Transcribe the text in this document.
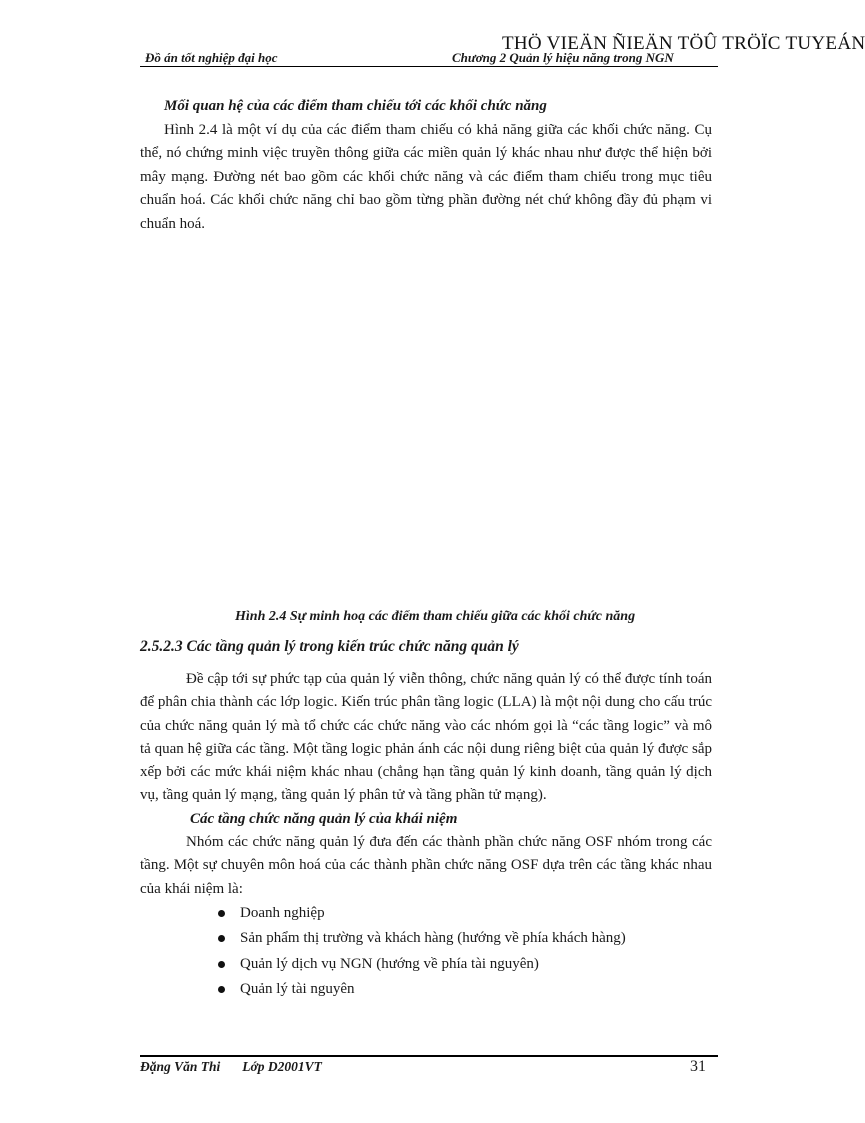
THÖ VIEÄN ÑIEÄN TÖÛ TRÖÏC TUYEÁN
Đồ án tốt nghiệp đại học	Chương 2 Quản lý hiệu năng trong NGN

Mối quan hệ của các điểm tham chiếu tới các khối chức năng

Hình 2.4 là một ví dụ của các điểm tham chiếu có khả năng giữa các khối chức năng. Cụ thể, nó chứng minh việc truyền thông giữa các miền quản lý khác nhau như được thể hiện bởi mây mạng. Đường nét bao gồm các khối chức năng và các điểm tham chiếu trong mục tiêu chuẩn hoá. Các khối chức năng chỉ bao gồm từng phần đường nét chứ không đầy đủ phạm vi chuẩn hoá.

Hình 2.4 Sự minh hoạ các điểm tham chiếu giữa các khối chức năng
2.5.2.3 Các tầng quản lý trong kiến trúc chức năng quản lý

Đề cập tới sự phức tạp của quản lý viễn thông, chức năng quản lý có thể được tính toán để phân chia thành các lớp logic. Kiến trúc phân tầng logic (LLA) là một nội dung cho cấu trúc của chức năng quản lý mà tổ chức các chức năng vào các nhóm gọi là “các tầng logic” và mô tả quan hệ giữa các tầng. Một tầng logic phản ánh các nội dung riêng biệt của quản lý được sắp xếp bởi các mức khái niệm khác nhau (chẳng hạn tầng quản lý kinh doanh, tầng quản lý dịch vụ, tầng quản lý mạng, tầng quản lý phân tử và tầng phần tử mạng).

Các tầng chức năng quản lý của khái niệm

Nhóm các chức năng quản lý đưa đến các thành phần chức năng OSF nhóm trong các tầng. Một sự chuyên môn hoá của các thành phần chức năng OSF dựa trên các tầng khác nhau của khái niệm là:

Doanh nghiệp
Sản phẩm thị trường và khách hàng (hướng về phía khách hàng)
Quản lý dịch vụ NGN (hướng về phía tài nguyên)
Quản lý tài nguyên
Đặng Văn Thi Lớp D2001VT	31
